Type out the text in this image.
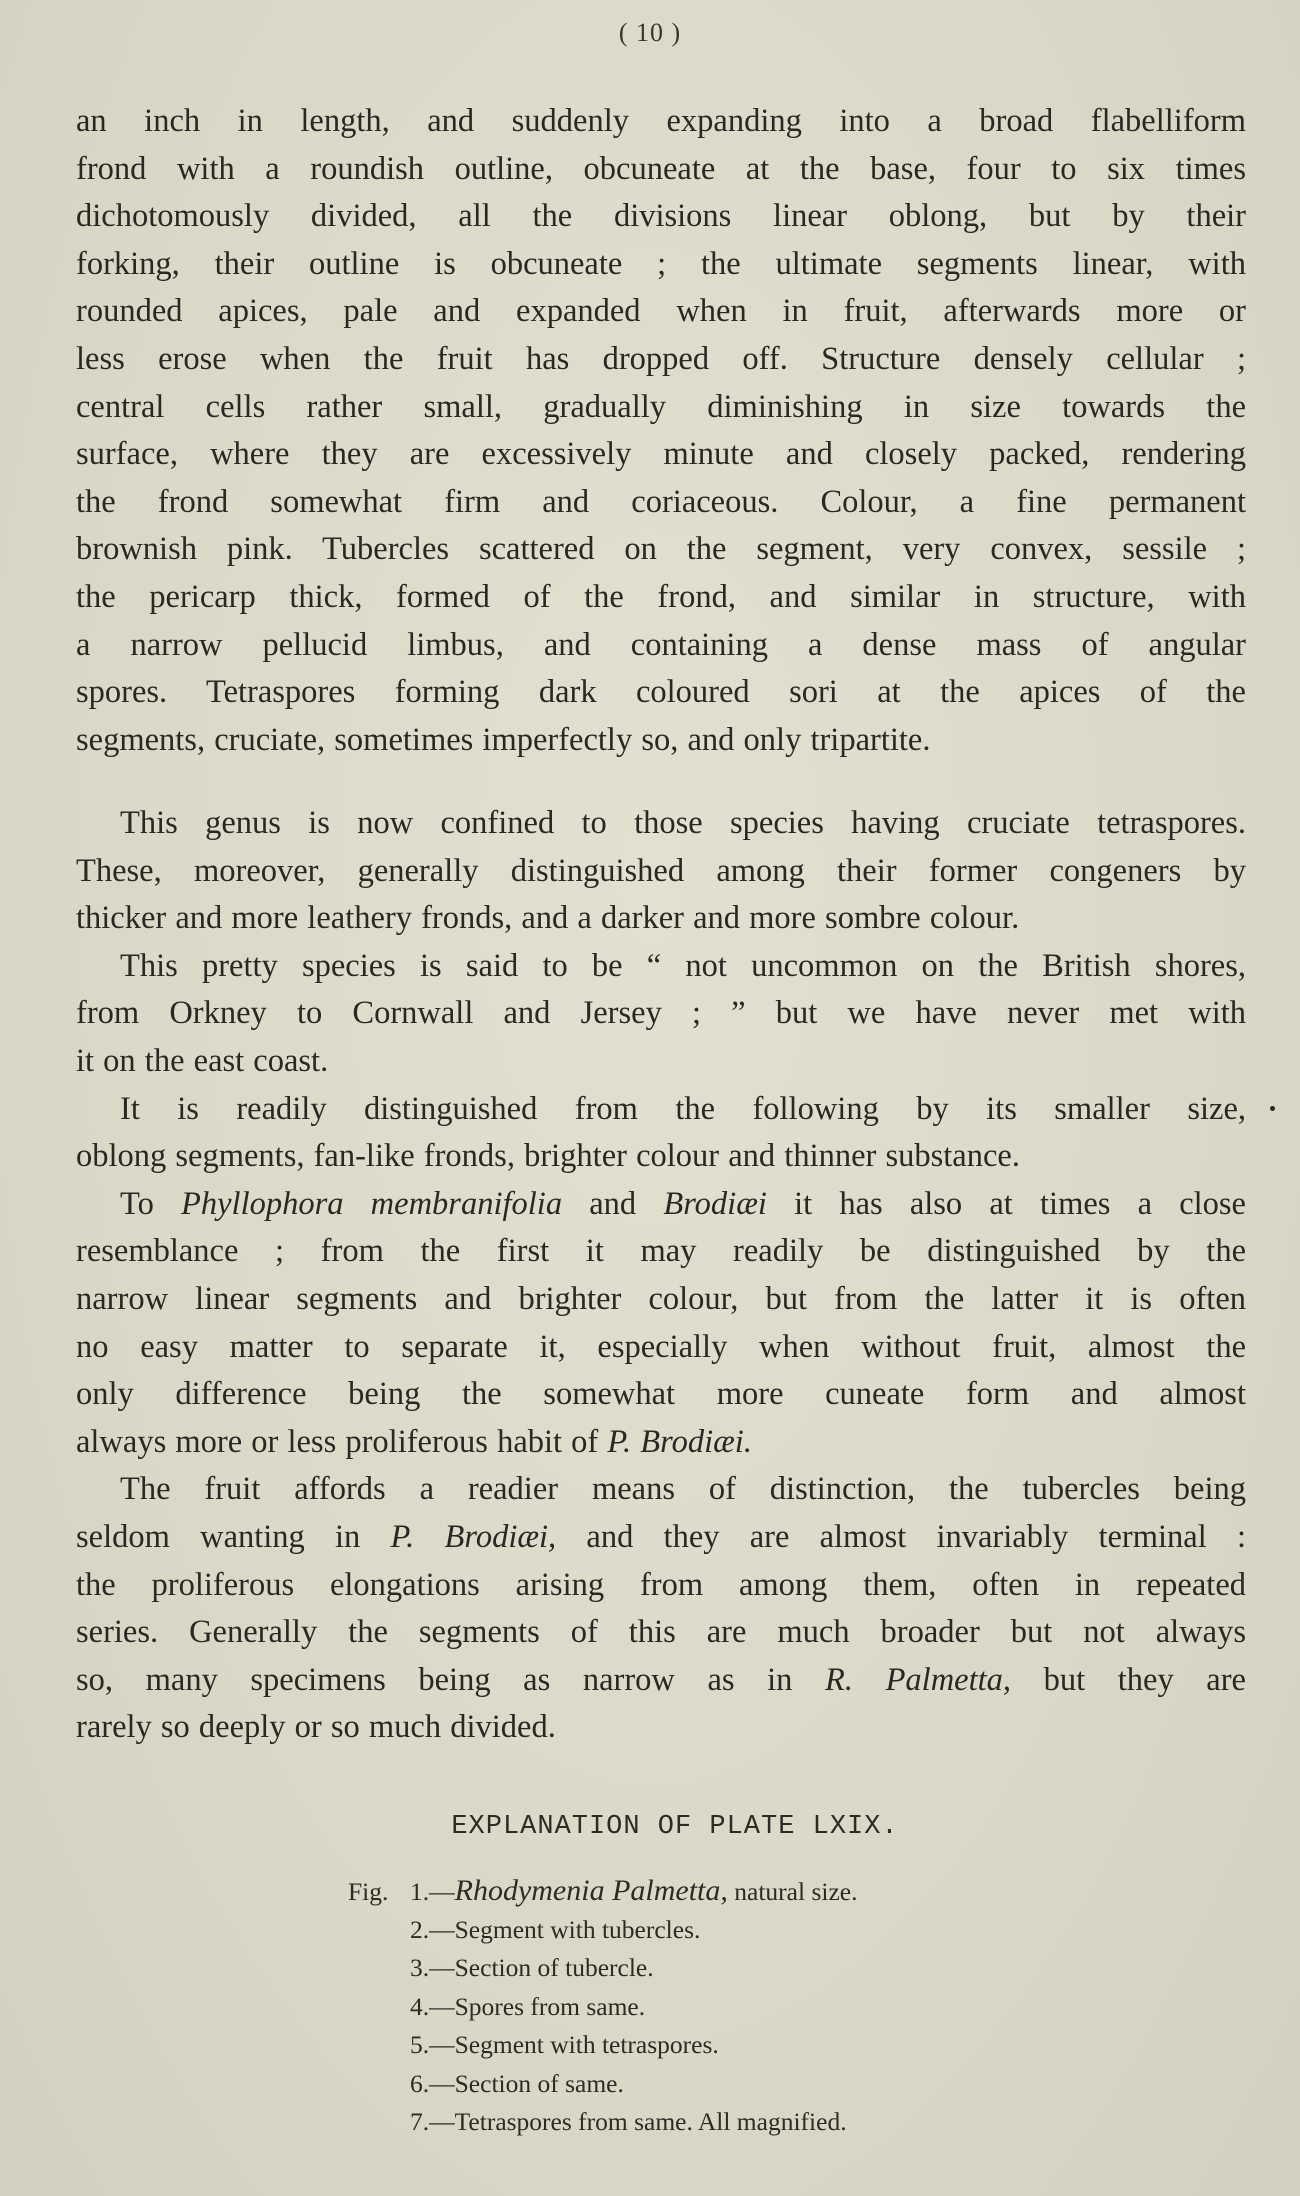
( 10 )
an inch in length, and suddenly expanding into a broad flabelliform
frond with a roundish outline, obcuneate at the base, four to six times
dichotomously divided, all the divisions linear oblong, but by their
forking, their outline is obcuneate ; the ultimate segments linear, with
rounded apices, pale and expanded when in fruit, afterwards more or
less erose when the fruit has dropped off. Structure densely cellular ;
central cells rather small, gradually diminishing in size towards the
surface, where they are excessively minute and closely packed, rendering
the frond somewhat firm and coriaceous. Colour, a fine permanent
brownish pink. Tubercles scattered on the segment, very convex, sessile ;
the pericarp thick, formed of the frond, and similar in structure, with
a narrow pellucid limbus, and containing a dense mass of angular
spores. Tetraspores forming dark coloured sori at the apices of the
segments, cruciate, sometimes imperfectly so, and only tripartite.
This genus is now confined to those species having cruciate tetraspores.
These, moreover, generally distinguished among their former congeners by
thicker and more leathery fronds, and a darker and more sombre colour.
This pretty species is said to be “ not uncommon on the British shores,
from Orkney to Cornwall and Jersey ; ” but we have never met with
it on the east coast.
It is readily distinguished from the following by its smaller size,
oblong segments, fan-like fronds, brighter colour and thinner substance.
To Phyllophora membranifolia and Brodiæi it has also at times a close
resemblance ; from the first it may readily be distinguished by the
narrow linear segments and brighter colour, but from the latter it is often
no easy matter to separate it, especially when without fruit, almost the
only difference being the somewhat more cuneate form and almost
always more or less proliferous habit of P. Brodiæi.
The fruit affords a readier means of distinction, the tubercles being
seldom wanting in P. Brodiæi, and they are almost invariably terminal :
the proliferous elongations arising from among them, often in repeated
series. Generally the segments of this are much broader but not always
so, many specimens being as narrow as in R. Palmetta, but they are
rarely so deeply or so much divided.
EXPLANATION OF PLATE LXIX.
Fig. 1.—Rhodymenia Palmetta, natural size.
2.—Segment with tubercles.
3.—Section of tubercle.
4.—Spores from same.
5.—Segment with tetraspores.
6.—Section of same.
7.—Tetraspores from same. All magnified.
